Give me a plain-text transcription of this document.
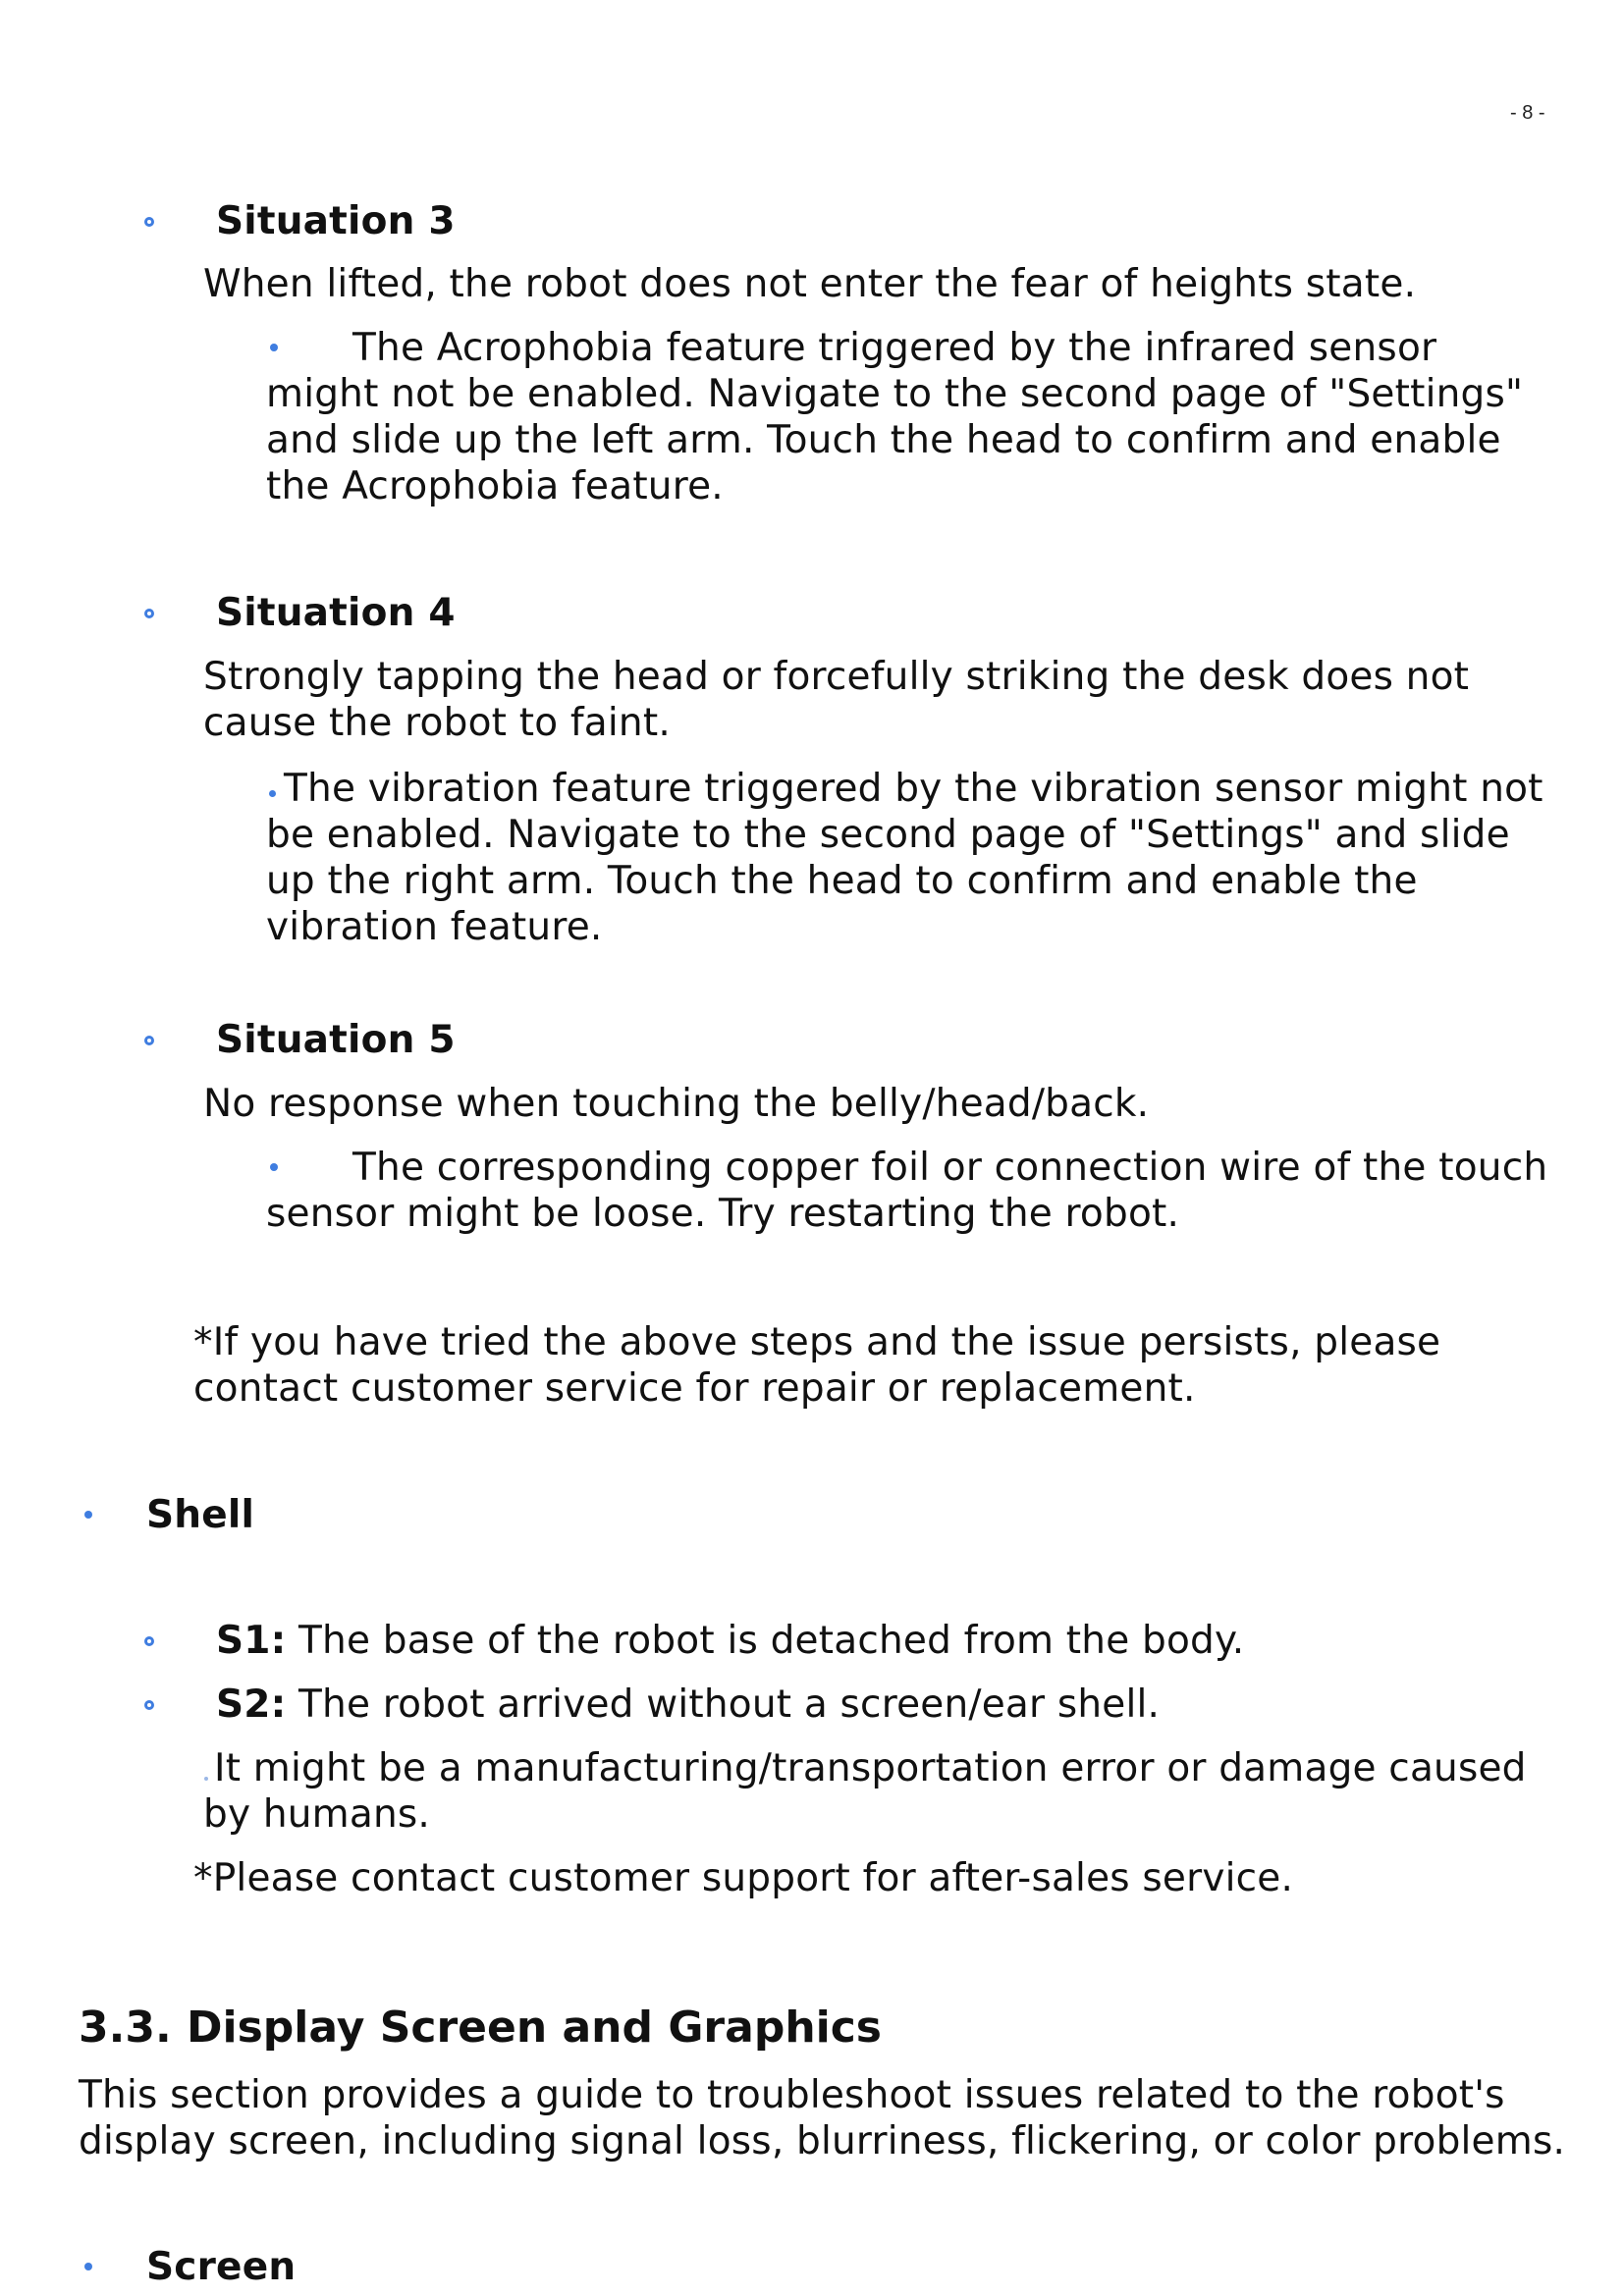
- 8 -
Situation 3
When lifted, the robot does not enter the fear of heights state.
The Acrophobia feature triggered by the infrared sensor
might not be enabled. Navigate to the second page of "Settings"
and slide up the left arm. Touch the head to confirm and enable
the Acrophobia feature.
Situation 4
Strongly tapping the head or forcefully striking the desk does not
cause the robot to faint.
The vibration feature triggered by the vibration sensor might not
be enabled. Navigate to the second page of "Settings" and slide
up the right arm. Touch the head to confirm and enable the
vibration feature.
Situation 5
No response when touching the belly/head/back.
The corresponding copper foil or connection wire of the touch
sensor might be loose. Try restarting the robot.
*If you have tried the above steps and the issue persists, please
contact customer service for repair or replacement.
Shell
S1: The base of the robot is detached from the body.
S2: The robot arrived without a screen/ear shell.
It might be a manufacturing/transportation error or damage caused
by humans.
*Please contact customer support for after-sales service.
3.3. Display Screen and Graphics
This section provides a guide to troubleshoot issues related to the robot's
display screen, including signal loss, blurriness, flickering, or color problems.
Screen
